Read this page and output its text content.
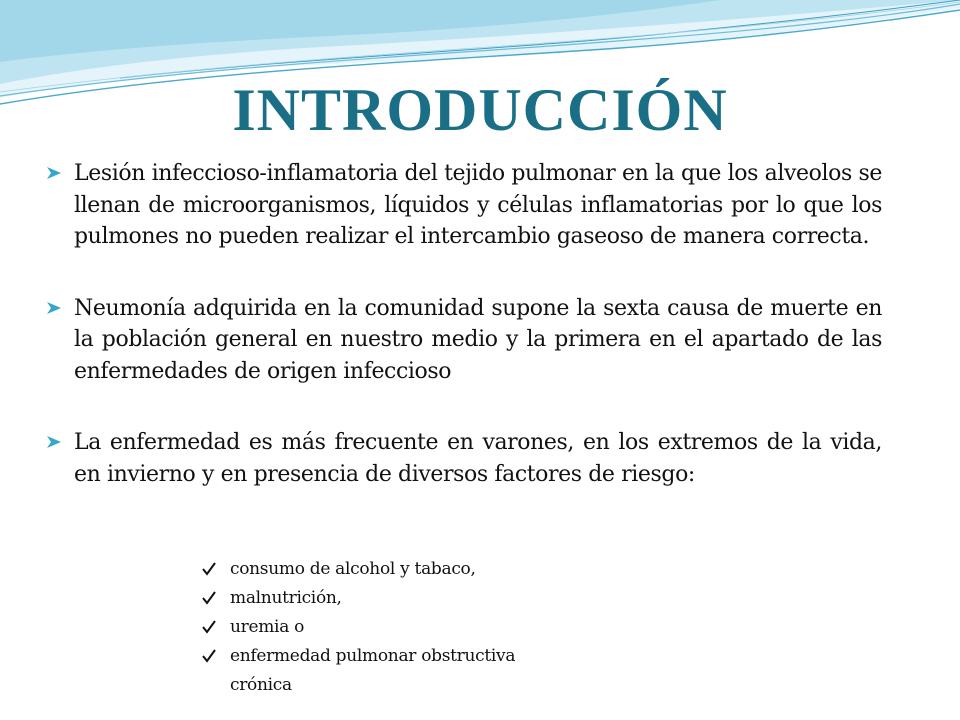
INTRODUCCIÓN
Lesión infeccioso-inflamatoria del tejido pulmonar en la que los alveolos se llenan de microorganismos, líquidos y células inflamatorias por lo que los pulmones no pueden realizar el intercambio gaseoso de manera correcta.
Neumonía adquirida en la comunidad supone la sexta causa de muerte en la población general en nuestro medio y la primera en el apartado de las enfermedades de origen infeccioso
La enfermedad es más frecuente en varones, en los extremos de la vida, en invierno y en presencia de diversos factores de riesgo:
consumo de alcohol y tabaco,
malnutrición,
uremia o
enfermedad pulmonar obstructiva
crónica
